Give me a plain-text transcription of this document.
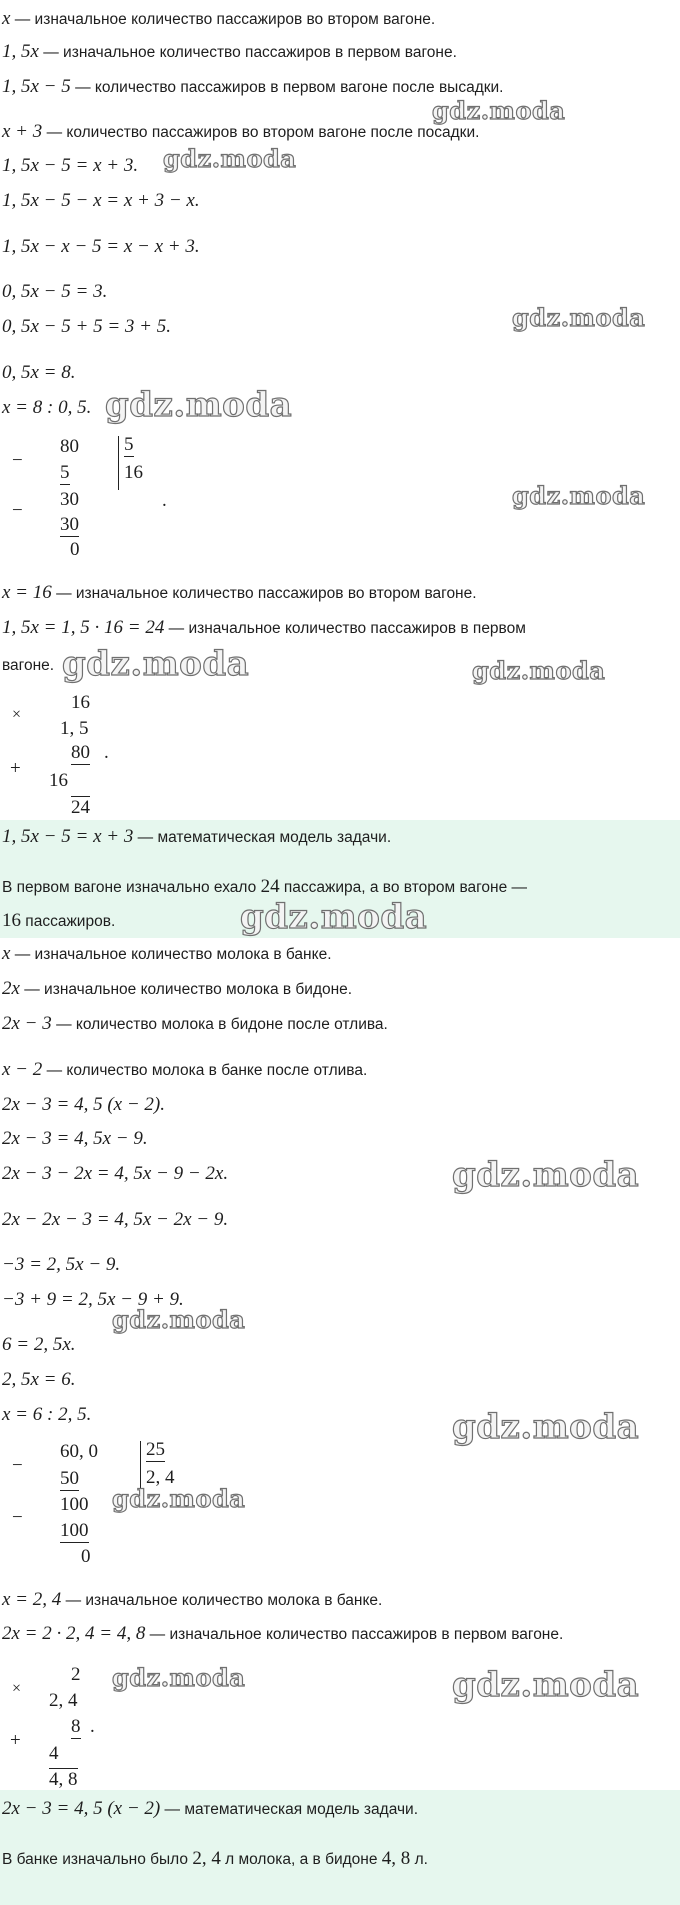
x — изначальное количество пассажиров во втором вагоне.
1, 5x — изначальное количество пассажиров в первом вагоне.
1, 5x − 5 — количество пассажиров в первом вагоне после высадки.
x + 3 — количество пассажиров во втором вагоне после посадки.
1, 5x − 5 = x + 3.
1, 5x − 5 − x = x + 3 − x.
1, 5x − x − 5 = x − x + 3.
0, 5x − 5 = 3.
0, 5x − 5 + 5 = 3 + 5.
0, 5x = 8.
x = 8 : 0, 5.
−
80
5
30
−
30
0
5
16
.
x = 16 — изначальное количество пассажиров во втором вагоне.
1, 5x = 1, 5 · 16 = 24 — изначальное количество пассажиров в первом
вагоне.
×
16
1, 5
80 .
+
16
24
1, 5x − 5 = x + 3 — математическая модель задачи.
В первом вагоне изначально ехало 24 пассажира, а во втором вагоне —
16 пассажиров.
x — изначальное количество молока в банке.
2x — изначальное количество молока в бидоне.
2x − 3 — количество молока в бидоне после отлива.
x − 2 — количество молока в банке после отлива.
2x − 3 = 4, 5 (x − 2).
2x − 3 = 4, 5x − 9.
2x − 3 − 2x = 4, 5x − 9 − 2x.
2x − 2x − 3 = 4, 5x − 2x − 9.
−3 = 2, 5x − 9.
−3 + 9 = 2, 5x − 9 + 9.
6 = 2, 5x.
2, 5x = 6.
x = 6 : 2, 5.
−
60, 0
50
100
−
100
0
25
2, 4
x = 2, 4 — изначальное количество молока в банке.
2x = 2 · 2, 4 = 4, 8 — изначальное количество пассажиров в первом вагоне.
×
2
2, 4
8 .
+
4
4, 8
2x − 3 = 4, 5 (x − 2) — математическая модель задачи.
В банке изначально было 2, 4 л молока, а в бидоне 4, 8 л.
gdz.moda
gdz.moda
gdz.moda
gdz.moda
gdz.moda
gdz.moda	gdz.moda
gdz.moda
gdz.moda
gdz.moda
gdz.moda
gdz.moda
gdz.moda	gdz.moda
